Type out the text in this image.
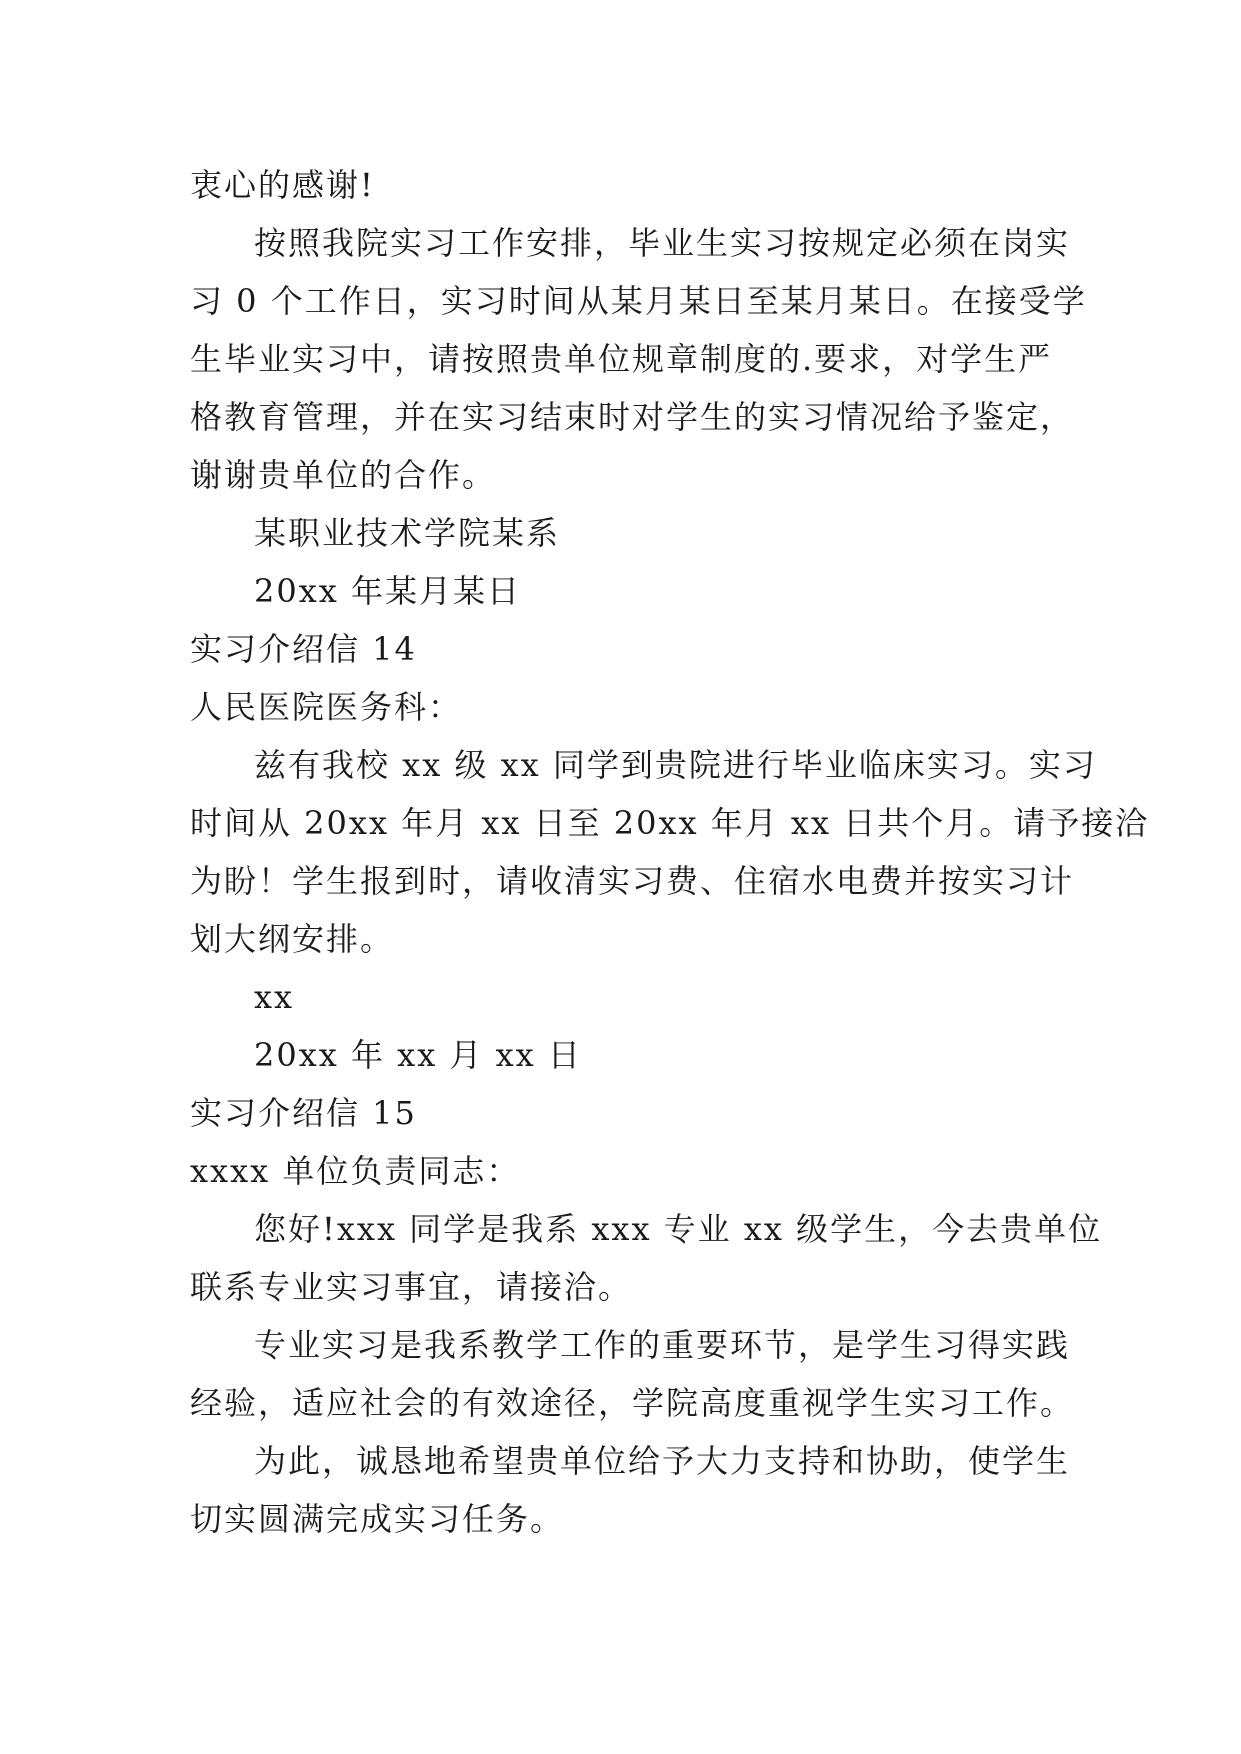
衷心的感谢!
按照我院实习工作安排，毕业生实习按规定必须在岗实
习 0 个工作日，实习时间从某月某日至某月某日。在接受学
生毕业实习中，请按照贵单位规章制度的.要求，对学生严
格教育管理，并在实习结束时对学生的实习情况给予鉴定，
谢谢贵单位的合作。
某职业技术学院某系
20xx 年某月某日
实习介绍信 14
人民医院医务科：
兹有我校 xx 级 xx 同学到贵院进行毕业临床实习。实习
时间从 20xx 年月 xx 日至 20xx 年月 xx 日共个月。请予接洽
为盼！学生报到时，请收清实习费、住宿水电费并按实习计
划大纲安排。
xx
20xx 年 xx 月 xx 日
实习介绍信 15
xxxx 单位负责同志：
您好!xxx 同学是我系 xxx 专业 xx 级学生，今去贵单位
联系专业实习事宜，请接洽。
专业实习是我系教学工作的重要环节，是学生习得实践
经验，适应社会的有效途径，学院高度重视学生实习工作。
为此，诚恳地希望贵单位给予大力支持和协助，使学生
切实圆满完成实习任务。
